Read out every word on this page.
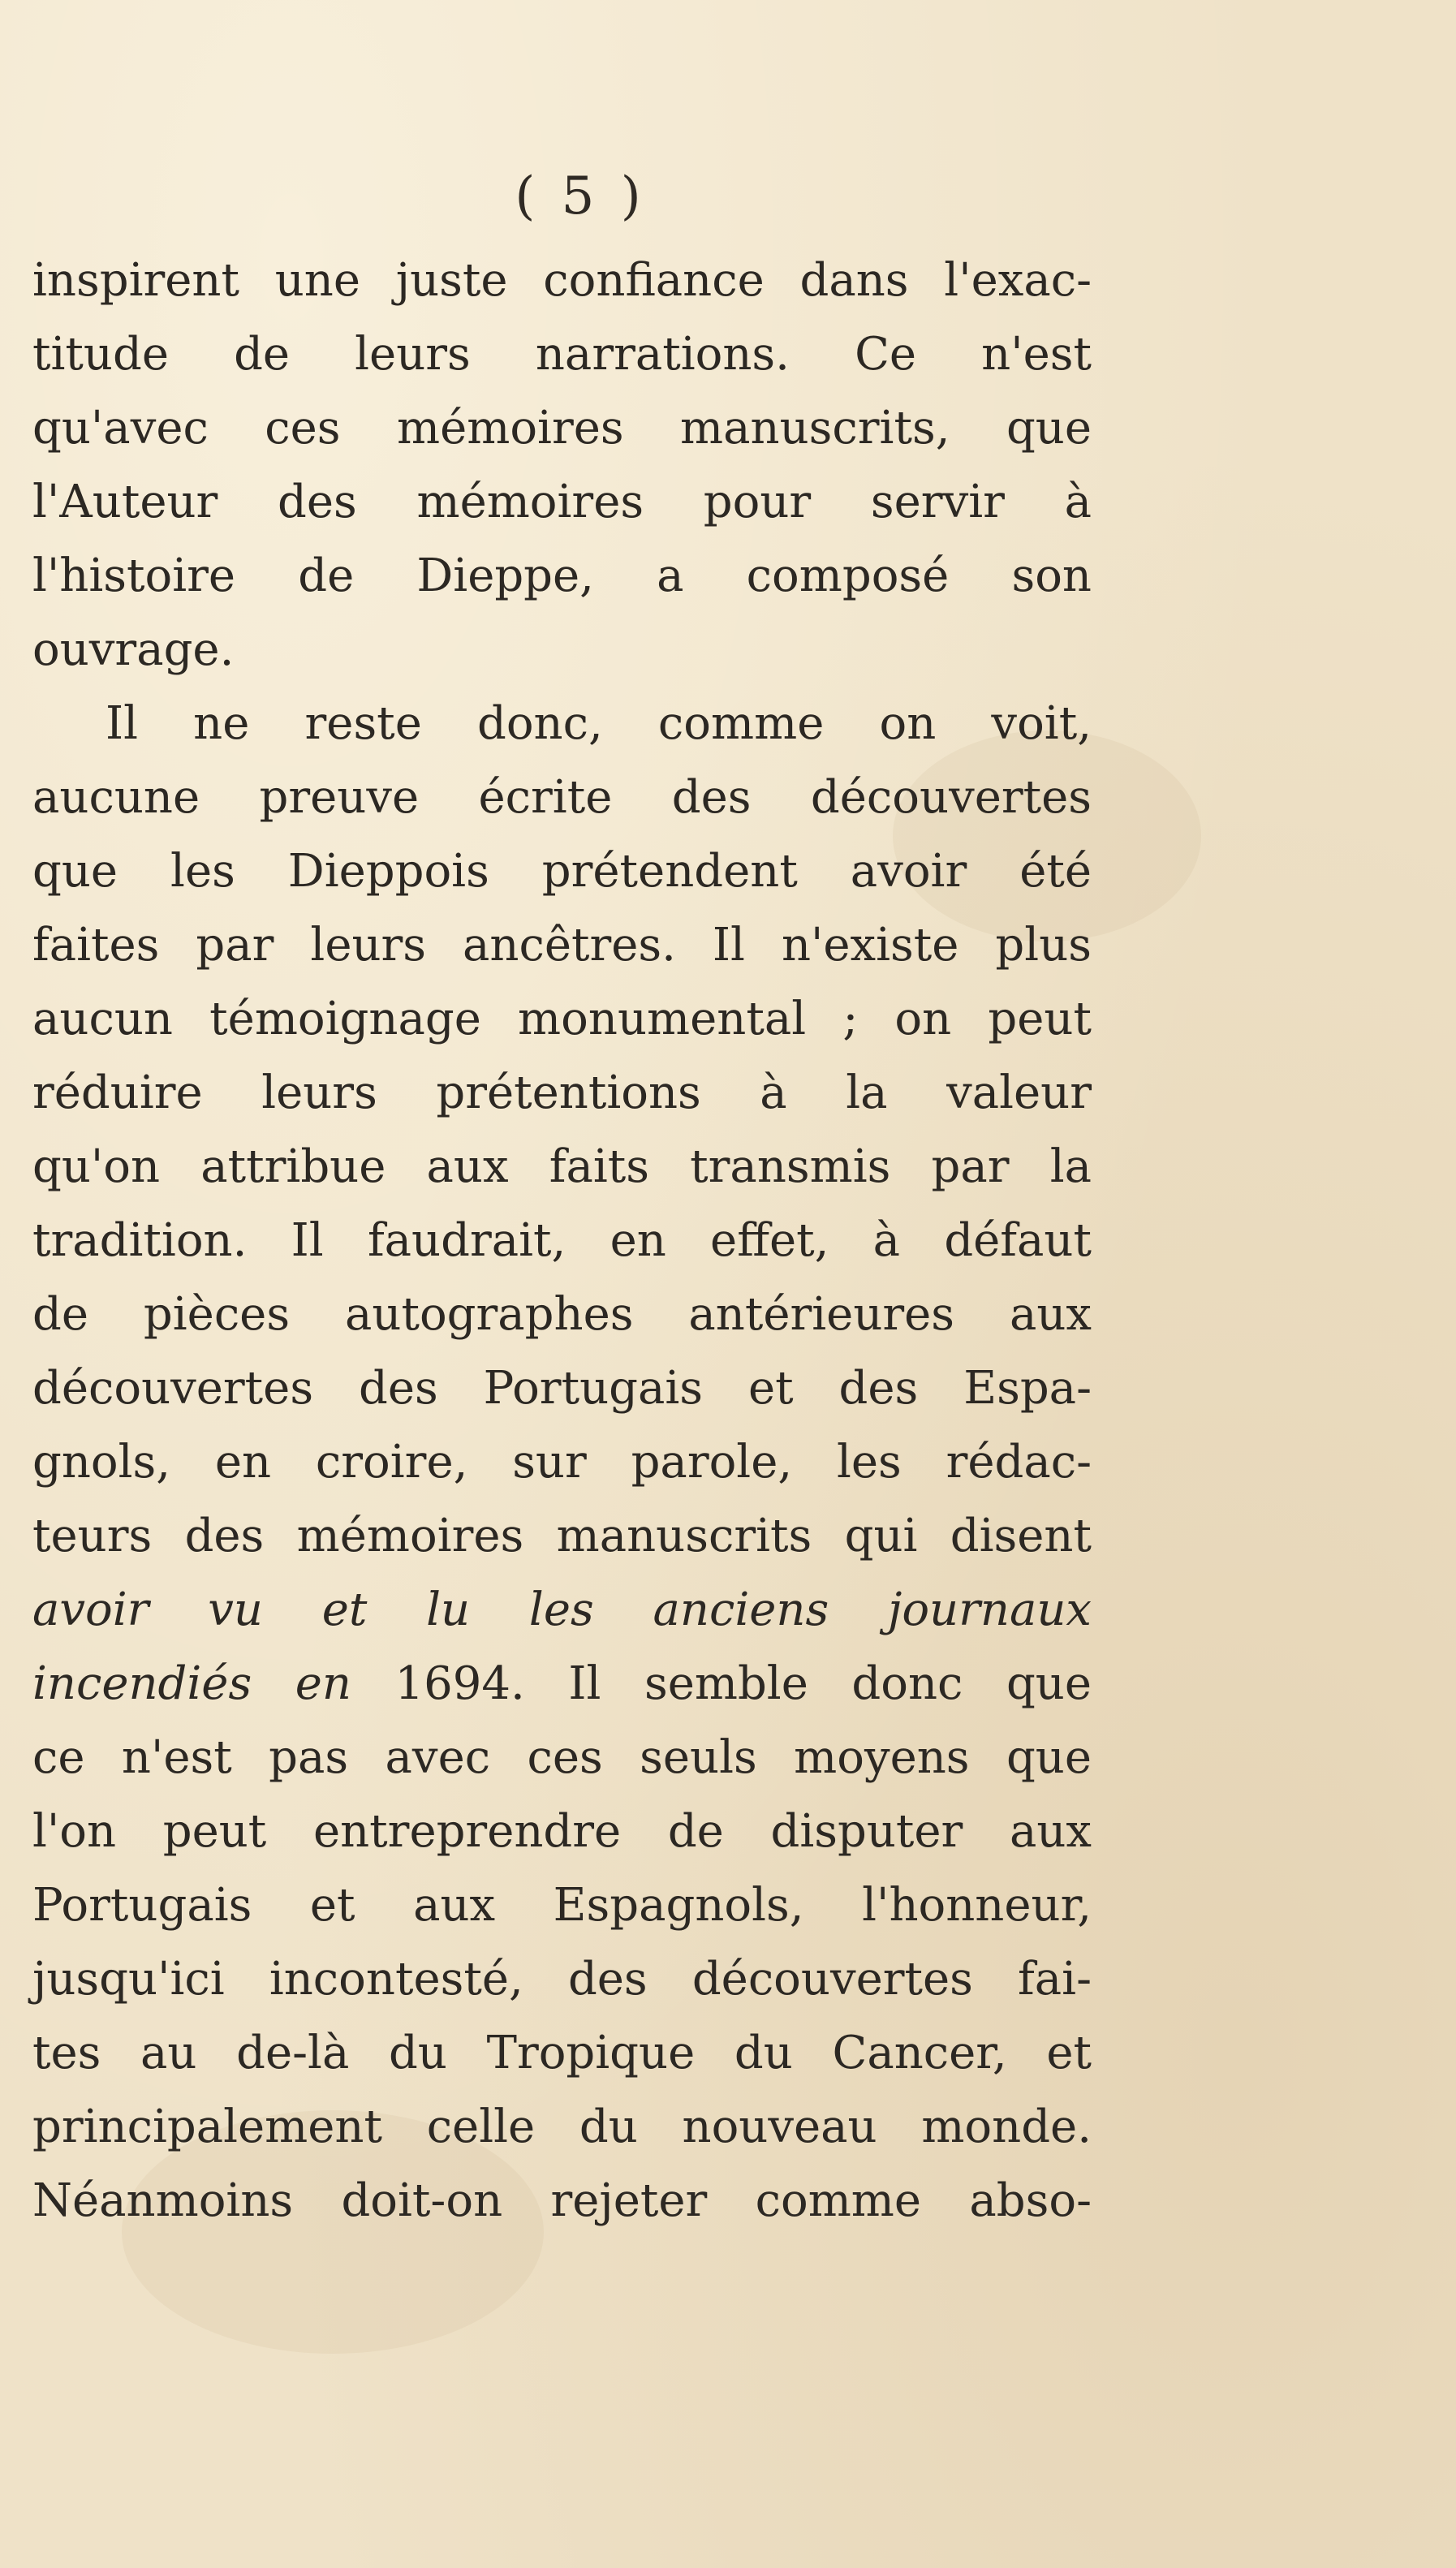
( 5 )

inspirent une juste confiance dans l'exac-
titude de leurs narrations. Ce n'est
qu'avec ces mémoires manuscrits, que
l'Auteur des mémoires pour servir à
l'histoire de Dieppe, a composé son
ouvrage.
Il ne reste donc, comme on voit,
aucune preuve écrite des découvertes
que les Dieppois prétendent avoir été
faites par leurs ancêtres. Il n'existe plus
aucun témoignage monumental ; on peut
réduire leurs prétentions à la valeur
qu'on attribue aux faits transmis par la
tradition. Il faudrait, en effet, à défaut
de pièces autographes antérieures aux
découvertes des Portugais et des Espa-
gnols, en croire, sur parole, les rédac-
teurs des mémoires manuscrits qui disent
avoir vu et lu les anciens journaux
incendiés en 1694. Il semble donc que
ce n'est pas avec ces seuls moyens que
l'on peut entreprendre de disputer aux
Portugais et aux Espagnols, l'honneur,
jusqu'ici incontesté, des découvertes fai-
tes au de-là du Tropique du Cancer, et
principalement celle du nouveau monde.
Néanmoins doit-on rejeter comme abso-
